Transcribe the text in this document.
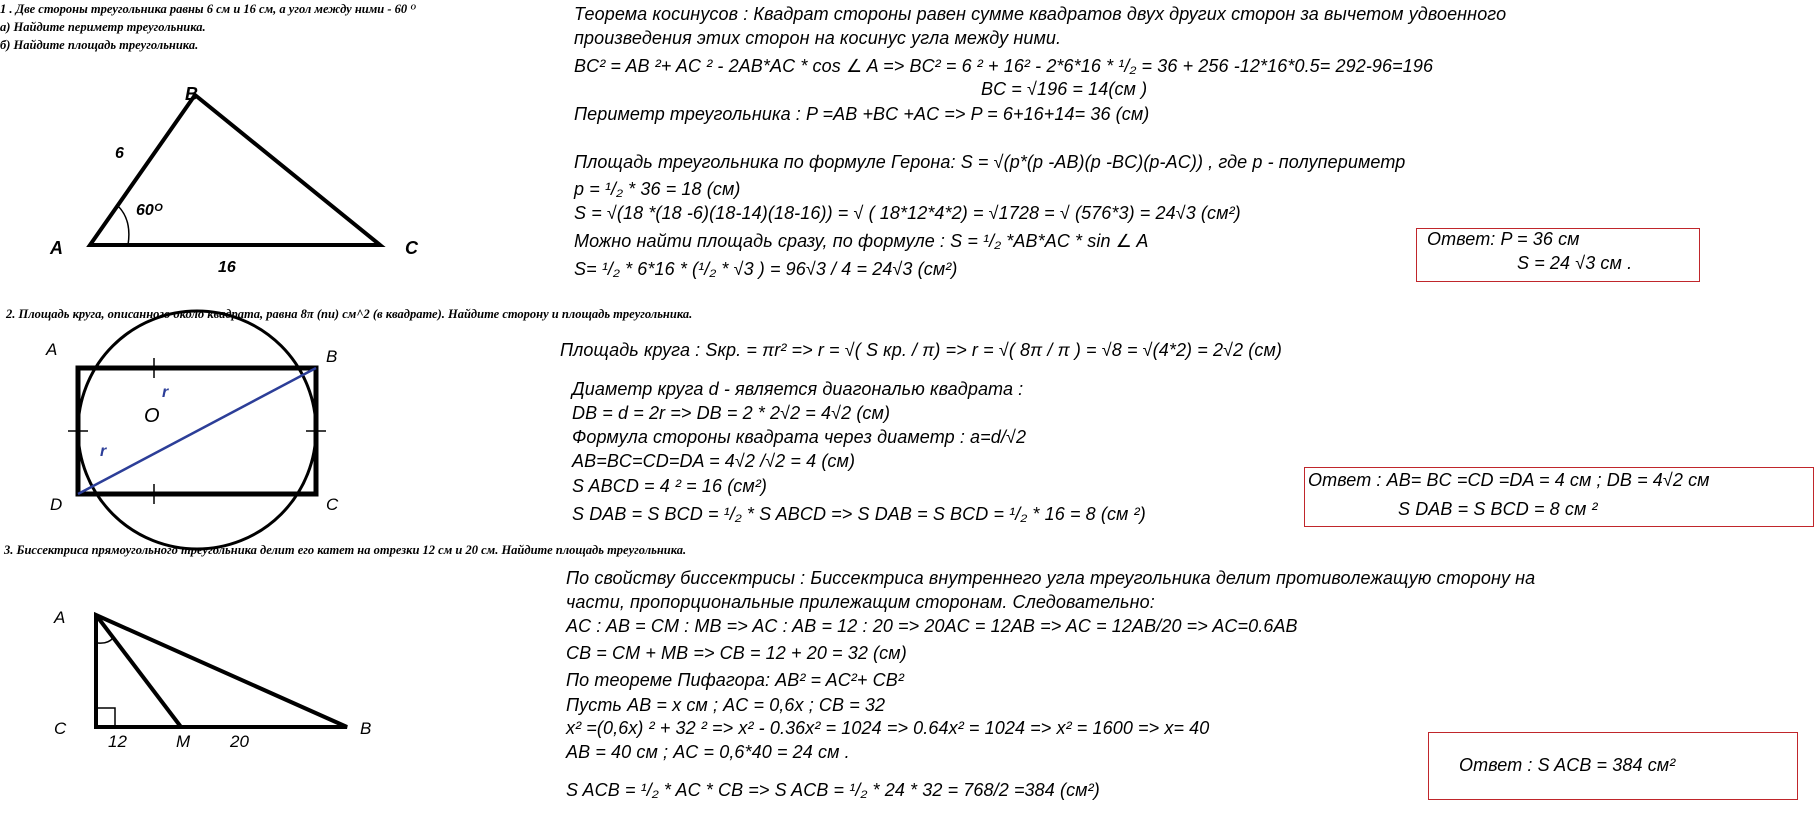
1 . Две стороны треугольника равны 6 см и 16 см, а угол между ними - 60 ᴼ
а) Найдите периметр треугольника.
б) Найдите площадь треугольника.
A
B
C
6
16
60ᴼ
Теорема косинусов : Квадрат стороны равен сумме квадратов двух других сторон за вычетом удвоенного
произведения этих сторон на косинус угла между ними.
BC² = AB ²+ AC ² - 2AB*AC * cos ∠ A => BC² = 6 ² + 16² - 2*6*16 * ¹/₂ = 36 + 256 -12*16*0.5= 292-96=196
BC = √196 = 14(см )
Периметр треугольника : P =AB +BC +AC => P = 6+16+14= 36 (см)
Площадь треугольника по формуле Герона: S = √(p*(p -AB)(p -BC)(p-AC)) , где p - полупериметр
p = ¹/₂ * 36 = 18 (см)
S = √(18 *(18 -6)(18-14)(18-16)) = √ ( 18*12*4*2) = √1728 = √ (576*3) = 24√3 (см²)
Можно найти площадь сразу, по формуле : S = ¹/₂ *AB*AC * sin ∠ A
S= ¹/₂ * 6*16 * (¹/₂ * √3 ) = 96√3 / 4 = 24√3 (см²)
Ответ: P = 36 см
S = 24 √3 см .
2. Площадь круга, описанного около квадрата, равна 8π (пи) см^2 (в квадрате). Найдите сторону и площадь треугольника.
A	B
C
D
O
r
r
Площадь круга : Sкр. = πr² => r = √( S кр. / π) => r = √( 8π / π ) = √8 = √(4*2) = 2√2 (см)
Диаметр круга d - является диагональю квадрата :
DB = d = 2r => DB = 2 * 2√2 = 4√2 (см)
Формула стороны квадрата через диаметр : a=d/√2
AB=BC=CD=DA = 4√2 /√2 = 4 (см)
S ABCD = 4 ² = 16 (см²)
S DAB = S BCD = ¹/₂ * S ABCD => S DAB = S BCD = ¹/₂ * 16 = 8 (см ²)
Ответ : AB= BC =CD =DA = 4 см ; DB = 4√2 см
S DAB = S BCD = 8 см ²
3. Биссектриса прямоугольного треугольника делит его катет на отрезки 12 см и 20 см. Найдите площадь треугольника.
A
C	B
M
12	20
По свойству биссектрисы : Биссектриса внутреннего угла треугольника делит противолежащую сторону на
части, пропорциональные прилежащим сторонам. Следовательно:
AC : AB = CM : MB => AC : AB = 12 : 20 => 20AC = 12AB => AC = 12AB/20 => AC=0.6AB
CB = CM + MB => CB = 12 + 20 = 32 (см)
По теореме Пифагора: AB² = AC²+ CB²
Пусть AB = x см ; AC = 0,6x ; CB = 32
x² =(0,6x) ² + 32 ² => x² - 0.36x² = 1024 => 0.64x² = 1024 => x² = 1600 => x= 40
AB = 40 см ; AC = 0,6*40 = 24 см .
S ACB = ¹/₂ * AC * CB => S ACB = ¹/₂ * 24 * 32 = 768/2 =384 (см²)
Ответ : S ACB = 384 см²
